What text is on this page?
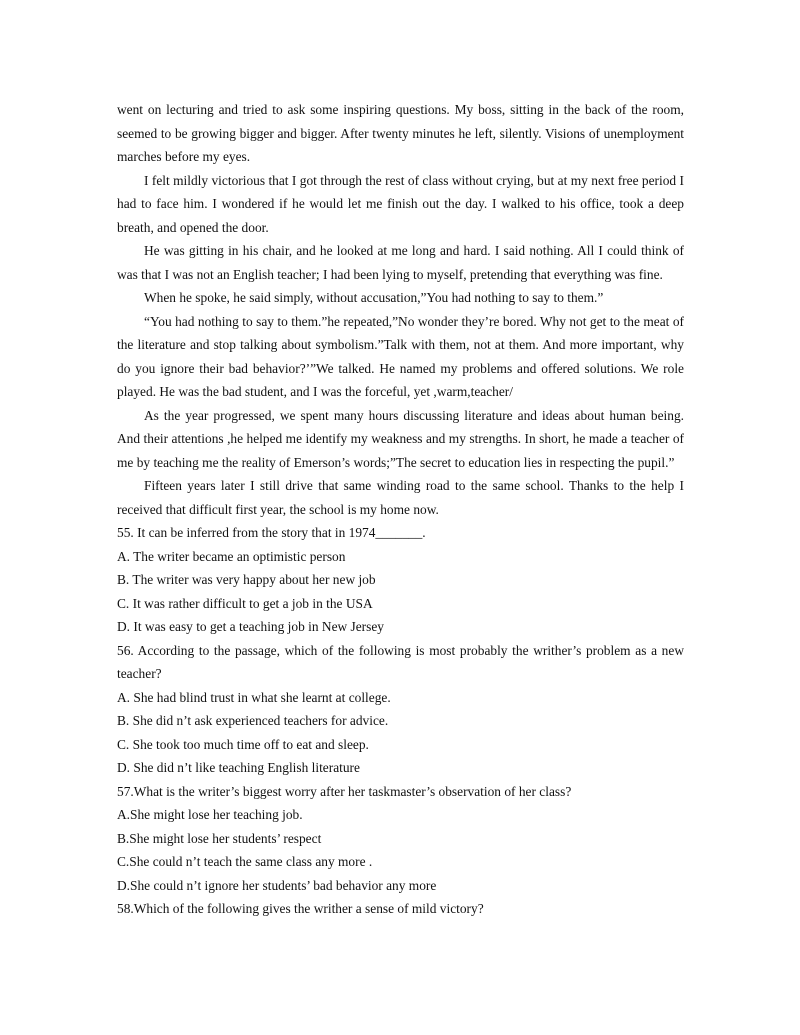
went on lecturing and tried to ask some inspiring questions. My boss, sitting in the back of the room, seemed to be growing bigger and bigger. After twenty minutes he left, silently. Visions of unemployment marches before my eyes.

I felt mildly victorious that I got through the rest of class without crying, but at my next free period I had to face him. I wondered if he would let me finish out the day. I walked to his office, took a deep breath, and opened the door.

He was gitting in his chair, and he looked at me long and hard. I said nothing. All I could think of was that I was not an English teacher; I had been lying to myself, pretending that everything was fine.

When he spoke, he said simply, without accusation,”You had nothing to say to them.”

“You had nothing to say to them.”he repeated,”No wonder they’re bored. Why not get to the meat of the literature and stop talking about symbolism.”Talk with them, not at them. And more important, why do you ignore their bad behavior?’”We talked. He named my problems and offered solutions. We role played. He was the bad student, and I was the forceful, yet ,warm,teacher/

As the year progressed, we spent many hours discussing literature and ideas about human being. And their attentions ,he helped me identify my weakness and my strengths. In short, he made a teacher of me by teaching me the reality of Emerson’s words;”The secret to education lies in respecting the pupil.”

Fifteen years later I still drive that same winding road to the same school. Thanks to the help I received that difficult first year, the school is my home now.

55. It can be inferred from the story that in 1974_______.

A. The writer became an optimistic person

B. The writer was very happy about her new job

C. It was rather difficult to get a job in the USA

D. It was easy to get a teaching job in New Jersey

56. According to the passage, which of the following is most probably the writher’s problem as a new teacher?

A. She had blind trust in what she learnt at college.

B. She did n’t ask experienced teachers for advice.

C. She took too much time off to eat and sleep.

D. She did n’t like teaching English literature

57.What is the writer’s biggest worry after her taskmaster’s observation of her class?

A.She might lose her teaching job.

B.She might lose her students’ respect

C.She could n’t teach the same class any more .

D.She could n’t ignore her students’ bad behavior any more

58.Which of the following gives the writher a sense of mild victory?
